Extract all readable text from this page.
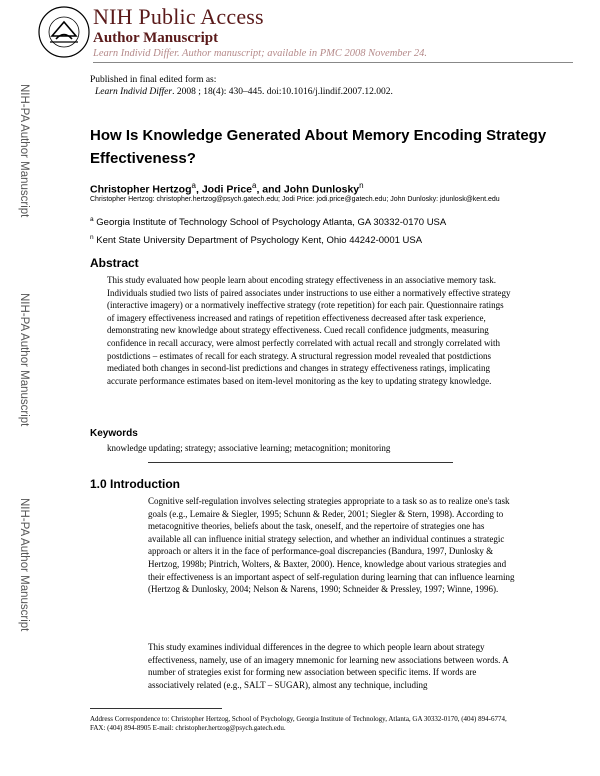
NIH Public Access
Author Manuscript
Learn Individ Differ. Author manuscript; available in PMC 2008 November 24.
Published in final edited form as:
Learn Individ Differ. 2008 ; 18(4): 430–445. doi:10.1016/j.lindif.2007.12.002.
NIH-PA Author Manuscript
NIH-PA Author Manuscript
NIH-PA Author Manuscript
How Is Knowledge Generated About Memory Encoding Strategy Effectiveness?
Christopher Hertzog$^a$, Jodi Price$^a$, and John Dunlosky$^n$
Christopher Hertzog: christopher.hertzog@psych.gatech.edu; Jodi Price: jodi.price@gatech.edu; John Dunlosky: jdunlosk@kent.edu
$^a$ Georgia Institute of Technology School of Psychology Atlanta, GA 30332-0170 USA
$^n$ Kent State University Department of Psychology Kent, Ohio 44242-0001 USA
Abstract
This study evaluated how people learn about encoding strategy effectiveness in an associative memory task. Individuals studied two lists of paired associates under instructions to use either a normatively effective strategy (interactive imagery) or a normatively ineffective strategy (rote repetition) for each pair. Questionnaire ratings of imagery effectiveness increased and ratings of repetition effectiveness decreased after task experience, demonstrating new knowledge about strategy effectiveness. Cued recall confidence judgments, measuring confidence in recall accuracy, were almost perfectly correlated with actual recall and strongly correlated with postdictions – estimates of recall for each strategy. A structural regression model revealed that postdictions mediated both changes in second-list predictions and changes in strategy effectiveness ratings, implicating accurate performance estimates based on item-level monitoring as the key to updating strategy knowledge.
Keywords
knowledge updating; strategy; associative learning; metacognition; monitoring
1.0 Introduction
Cognitive self-regulation involves selecting strategies appropriate to a task so as to realize one's task goals (e.g., Lemaire & Siegler, 1995; Schunn & Reder, 2001; Siegler & Stern, 1998). According to metacognitive theories, beliefs about the task, oneself, and the repertoire of strategies one has available all can influence initial strategy selection, and whether an individual continues a strategic approach or alters it in the face of performance-goal discrepancies (Bandura, 1997, Dunlosky & Hertzog, 1998b; Pintrich, Wolters, & Baxter, 2000). Hence, knowledge about various strategies and their effectiveness is an important aspect of self-regulation during learning that can influence learning (Hertzog & Dunlosky, 2004; Nelson & Narens, 1990; Schneider & Pressley, 1997; Winne, 1996).
This study examines individual differences in the degree to which people learn about strategy effectiveness, namely, use of an imagery mnemonic for learning new associations between words. A number of strategies exist for forming new association between specific items. If words are associatively related (e.g., SALT – SUGAR), almost any technique, including
Address Correspondence to: Christopher Hertzog, School of Psychology, Georgia Institute of Technology, Atlanta, GA 30332-0170, (404) 894-6774, FAX: (404) 894-8905 E-mail: christopher.hertzog@psych.gatech.edu.
